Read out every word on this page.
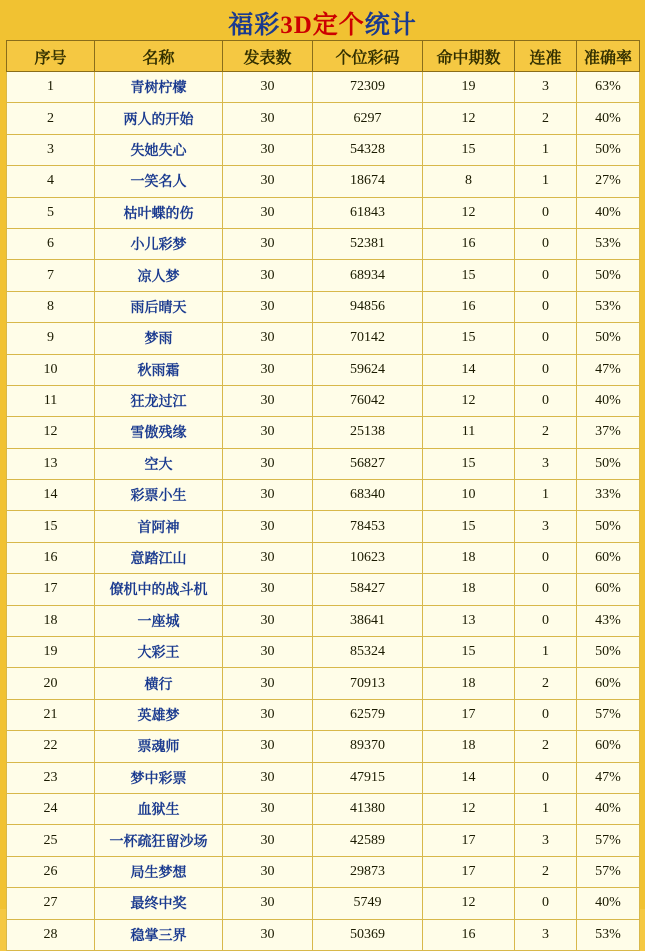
福彩 3D定个 统计
序号	名称	发表数	个位彩码	命中期数	连准	准确率
1	青树柠檬	30	72309	19	3	63%
2	两人的开始	30	6297	12	2	40%
3	失她失心	30	54328	15	1	50%
4	一笑名人	30	18674	8	1	27%
5	枯叶蝶的伤	30	61843	12	0	40%
6	小儿彩梦	30	52381	16	0	53%
7	凉人梦	30	68934	15	0	50%
8	雨后晴天	30	94856	16	0	53%
9	梦雨	30	70142	15	0	50%
10	秋雨霜	30	59624	14	0	47%
11	狂龙过江	30	76042	12	0	40%
12	雪傲残缘	30	25138	11	2	37%
13	空大	30	56827	15	3	50%
14	彩票小生	30	68340	10	1	33%
15	首阿神	30	78453	15	3	50%
16	意踏江山	30	10623	18	0	60%
17	僚机中的战斗机	30	58427	18	0	60%
18	一座城	30	38641	13	0	43%
19	大彩王	30	85324	15	1	50%
20	横行	30	70913	18	2	60%
21	英雄梦	30	62579	17	0	57%
22	票魂师	30	89370	18	2	60%
23	梦中彩票	30	47915	14	0	47%
24	血狱生	30	41380	12	1	40%
25	一杯疏狂留沙场	30	42589	17	3	57%
26	局生梦想	30	29873	17	2	57%
27	最终中奖	30	5749	12	0	40%
28	稳掌三界	30	50369	16	3	53%
